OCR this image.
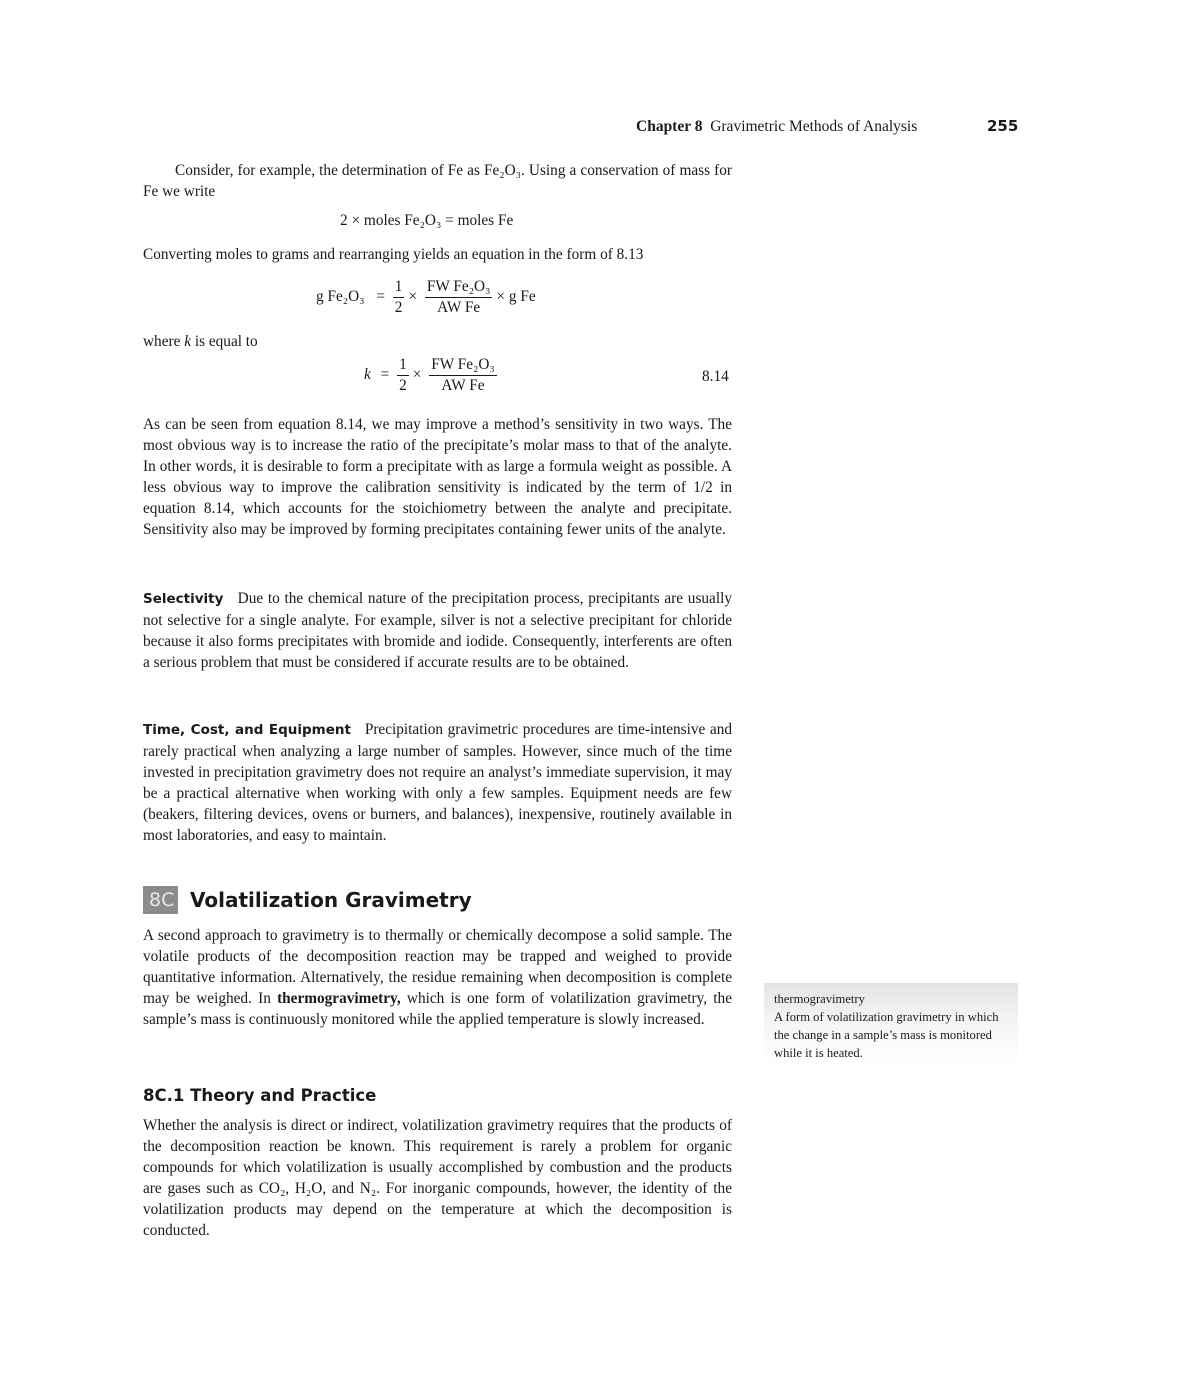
Chapter 8 Gravimetric Methods of Analysis	255

Consider, for example, the determination of Fe as Fe₂O₃. Using a conservation of mass for Fe we write

2 × moles Fe₂O₃ = moles Fe

Converting moles to grams and rearranging yields an equation in the form of 8.13

g $Fe_2O_3 = \frac{1}{2} \times \frac{\text{FW Fe₂O₃}}{\text{AW Fe}} \times g$ Fe

where k is equal to

$k = \frac{1}{2} \times \frac{\text{FW Fe₂O₃}}{\text{AW Fe}}$	8.14

As can be seen from equation 8.14, we may improve a method’s sensitivity in two ways. The most obvious way is to increase the ratio of the precipitate’s molar mass to that of the analyte. In other words, it is desirable to form a precipitate with as large a formula weight as possible. A less obvious way to improve the calibration sensitivity is indicated by the term of 1/2 in equation 8.14, which accounts for the stoichiometry between the analyte and precipitate. Sensitivity also may be improved by forming precipitates containing fewer units of the analyte.

Selectivity Due to the chemical nature of the precipitation process, precipitants are usually not selective for a single analyte. For example, silver is not a selective precipitant for chloride because it also forms precipitates with bromide and iodide. Consequently, interferents are often a serious problem that must be considered if accurate results are to be obtained.

Time, Cost, and Equipment Precipitation gravimetric procedures are time-intensive and rarely practical when analyzing a large number of samples. However, since much of the time invested in precipitation gravimetry does not require an analyst’s immediate supervision, it may be a practical alternative when working with only a few samples. Equipment needs are few (beakers, filtering devices, ovens or burners, and balances), inexpensive, routinely available in most laboratories, and easy to maintain.

8C Volatilization Gravimetry

A second approach to gravimetry is to thermally or chemically decompose a solid sample. The volatile products of the decomposition reaction may be trapped and weighed to provide quantitative information. Alternatively, the residue remaining when decomposition is complete may be weighed. In thermogravimetry, which is one form of volatilization gravimetry, the sample’s mass is continuously monitored while the applied temperature is slowly increased.

thermogravimetry
A form of volatilization gravimetry in which the change in a sample’s mass is monitored while it is heated.
8C.1 Theory and Practice

Whether the analysis is direct or indirect, volatilization gravimetry requires that the products of the decomposition reaction be known. This requirement is rarely a problem for organic compounds for which volatilization is usually accomplished by combustion and the products are gases such as CO₂, H₂O, and N₂. For inorganic compounds, however, the identity of the volatilization products may depend on the temperature at which the decomposition is conducted.
